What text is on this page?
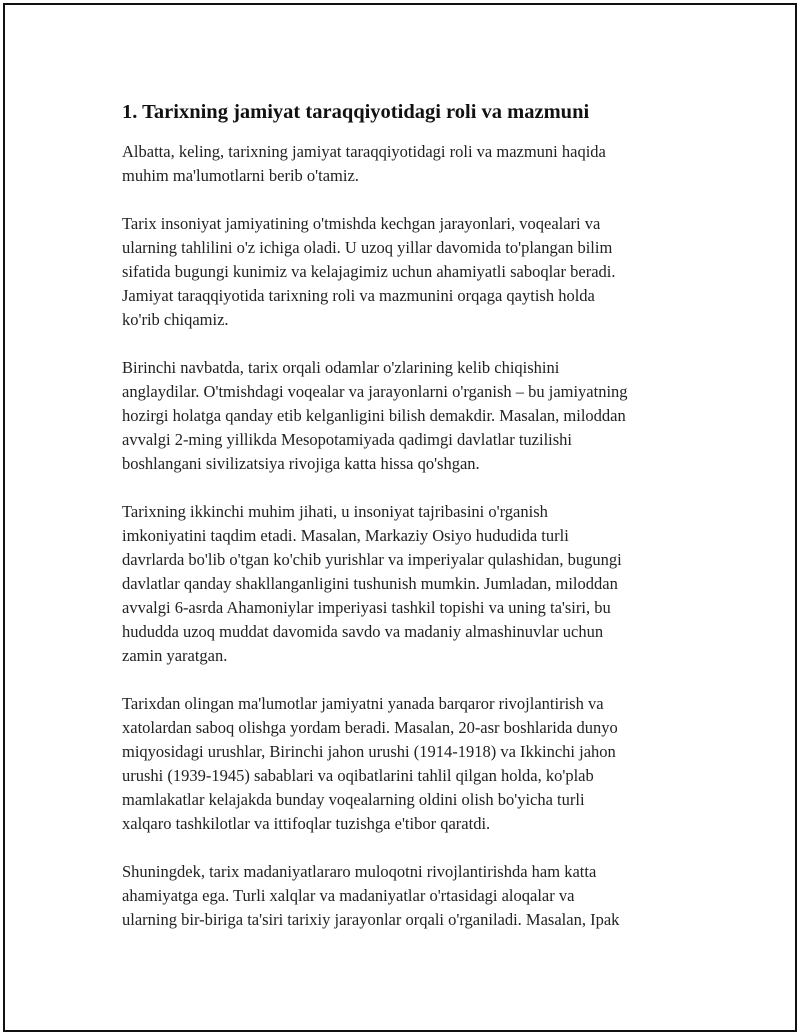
1. Tarixning jamiyat taraqqiyotidagi roli va mazmuni

Albatta, keling, tarixning jamiyat taraqqiyotidagi roli va mazmuni haqida
muhim ma'lumotlarni berib o'tamiz.

Tarix insoniyat jamiyatining o'tmishda kechgan jarayonlari, voqealari va
ularning tahlilini o'z ichiga oladi. U uzoq yillar davomida to'plangan bilim
sifatida bugungi kunimiz va kelajagimiz uchun ahamiyatli saboqlar beradi.
Jamiyat taraqqiyotida tarixning roli va mazmunini orqaga qaytish holda
ko'rib chiqamiz.

Birinchi navbatda, tarix orqali odamlar o'zlarining kelib chiqishini
anglaydilar. O'tmishdagi voqealar va jarayonlarni o'rganish – bu jamiyatning
hozirgi holatga qanday etib kelganligini bilish demakdir. Masalan, miloddan
avvalgi 2-ming yillikda Mesopotamiyada qadimgi davlatlar tuzilishi
boshlangani sivilizatsiya rivojiga katta hissa qo'shgan.

Tarixning ikkinchi muhim jihati, u insoniyat tajribasini o'rganish
imkoniyatini taqdim etadi. Masalan, Markaziy Osiyo hududida turli
davrlarda bo'lib o'tgan ko'chib yurishlar va imperiyalar qulashidan, bugungi
davlatlar qanday shakllanganligini tushunish mumkin. Jumladan, miloddan
avvalgi 6-asrda Ahamoniylar imperiyasi tashkil topishi va uning ta'siri, bu
hududda uzoq muddat davomida savdo va madaniy almashinuvlar uchun
zamin yaratgan.

Tarixdan olingan ma'lumotlar jamiyatni yanada barqaror rivojlantirish va
xatolardan saboq olishga yordam beradi. Masalan, 20-asr boshlarida dunyo
miqyosidagi urushlar, Birinchi jahon urushi (1914-1918) va Ikkinchi jahon
urushi (1939-1945) sabablari va oqibatlarini tahlil qilgan holda, ko'plab
mamlakatlar kelajakda bunday voqealarning oldini olish bo'yicha turli
xalqaro tashkilotlar va ittifoqlar tuzishga e'tibor qaratdi.

Shuningdek, tarix madaniyatlararo muloqotni rivojlantirishda ham katta
ahamiyatga ega. Turli xalqlar va madaniyatlar o'rtasidagi aloqalar va
ularning bir-biriga ta'siri tarixiy jarayonlar orqali o'rganiladi. Masalan, Ipak
